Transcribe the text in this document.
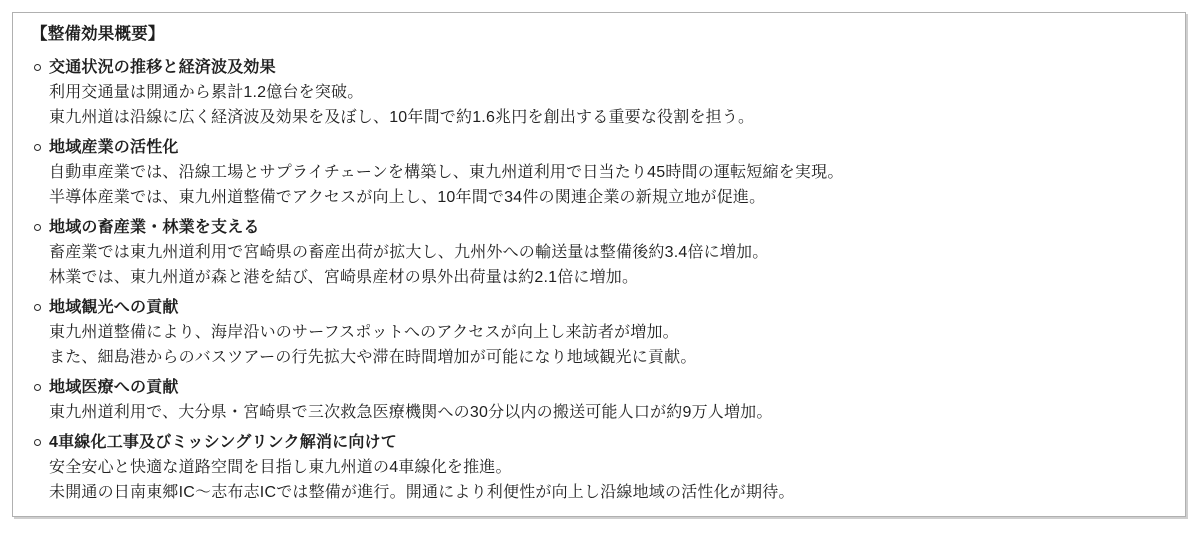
【整備効果概要】
交通状況の推移と経済波及効果
利用交通量は開通から累計1.2億台を突破。
東九州道は沿線に広く経済波及効果を及ぼし、10年間で約1.6兆円を創出する重要な役割を担う。
地域産業の活性化
自動車産業では、沿線工場とサプライチェーンを構築し、東九州道利用で日当たり45時間の運転短縮を実現。
半導体産業では、東九州道整備でアクセスが向上し、10年間で34件の関連企業の新規立地が促進。
地域の畜産業・林業を支える
畜産業では東九州道利用で宮崎県の畜産出荷が拡大し、九州外への輸送量は整備後約3.4倍に増加。
林業では、東九州道が森と港を結び、宮崎県産材の県外出荷量は約2.1倍に増加。
地域観光への貢献
東九州道整備により、海岸沿いのサーフスポットへのアクセスが向上し来訪者が増加。
また、細島港からのバスツアーの行先拡大や滞在時間増加が可能になり地域観光に貢献。
地域医療への貢献
東九州道利用で、大分県・宮崎県で三次救急医療機関への30分以内の搬送可能人口が約9万人増加。
4車線化工事及びミッシングリンク解消に向けて
安全安心と快適な道路空間を目指し東九州道の4車線化を推進。
未開通の日南東郷IC～志布志ICでは整備が進行。開通により利便性が向上し沿線地域の活性化が期待。
